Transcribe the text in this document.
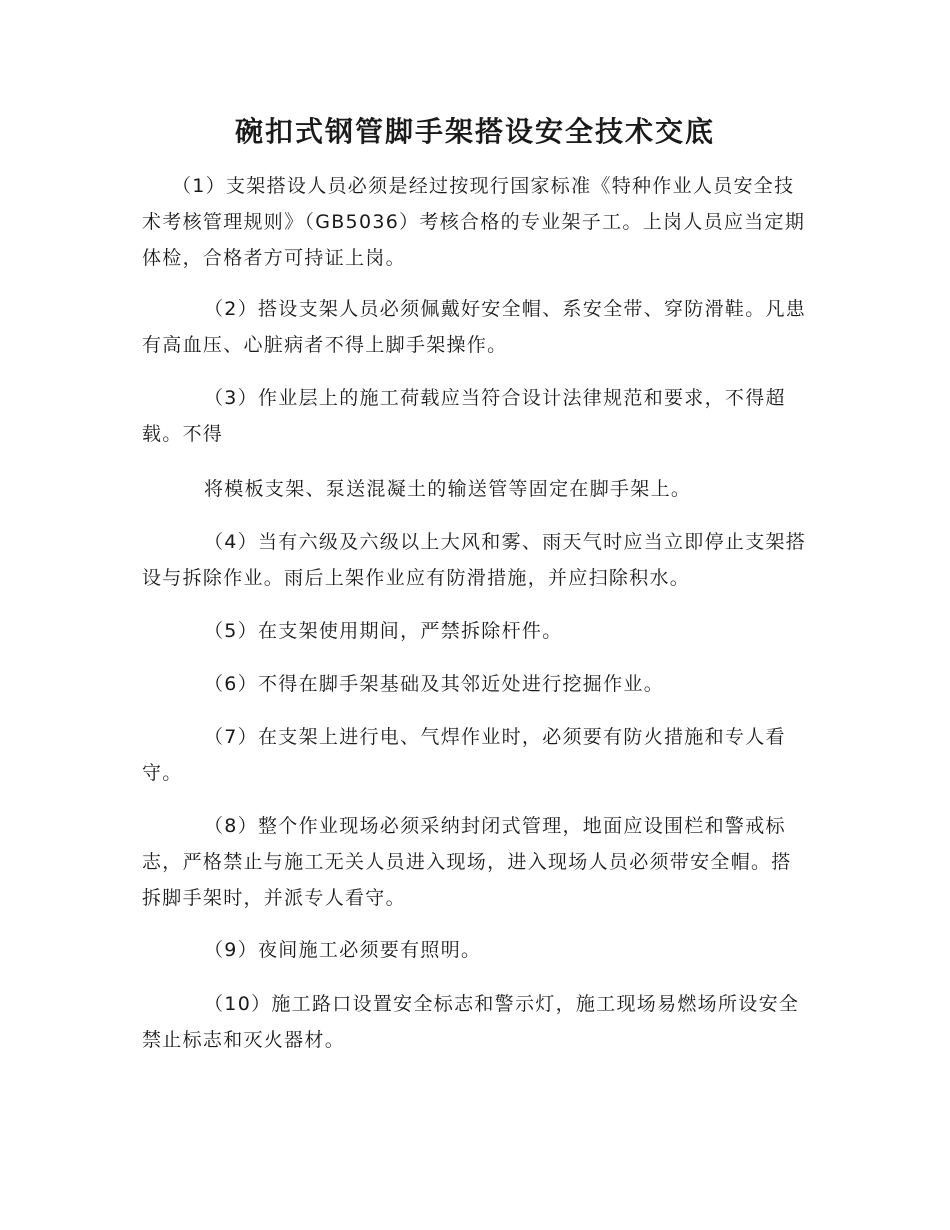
碗扣式钢管脚手架搭设安全技术交底

（1）支架搭设人员必须是经过按现行国家标准《特种作业人员安全技术考核管理规则》（GB5036）考核合格的专业架子工。上岗人员应当定期体检，合格者方可持证上岗。

（2）搭设支架人员必须佩戴好安全帽、系安全带、穿防滑鞋。凡患有高血压、心脏病者不得上脚手架操作。

（3）作业层上的施工荷载应当符合设计法律规范和要求，不得超载。不得

将模板支架、泵送混凝土的输送管等固定在脚手架上。

（4）当有六级及六级以上大风和雾、雨天气时应当立即停止支架搭设与拆除作业。雨后上架作业应有防滑措施，并应扫除积水。

（5）在支架使用期间，严禁拆除杆件。

（6）不得在脚手架基础及其邻近处进行挖掘作业。

（7）在支架上进行电、气焊作业时，必须要有防火措施和专人看守。

（8）整个作业现场必须采纳封闭式管理，地面应设围栏和警戒标志，严格禁止与施工无关人员进入现场，进入现场人员必须带安全帽。搭拆脚手架时，并派专人看守。

（9）夜间施工必须要有照明。

（10）施工路口设置安全标志和警示灯，施工现场易燃场所设安全禁止标志和灭火器材。
